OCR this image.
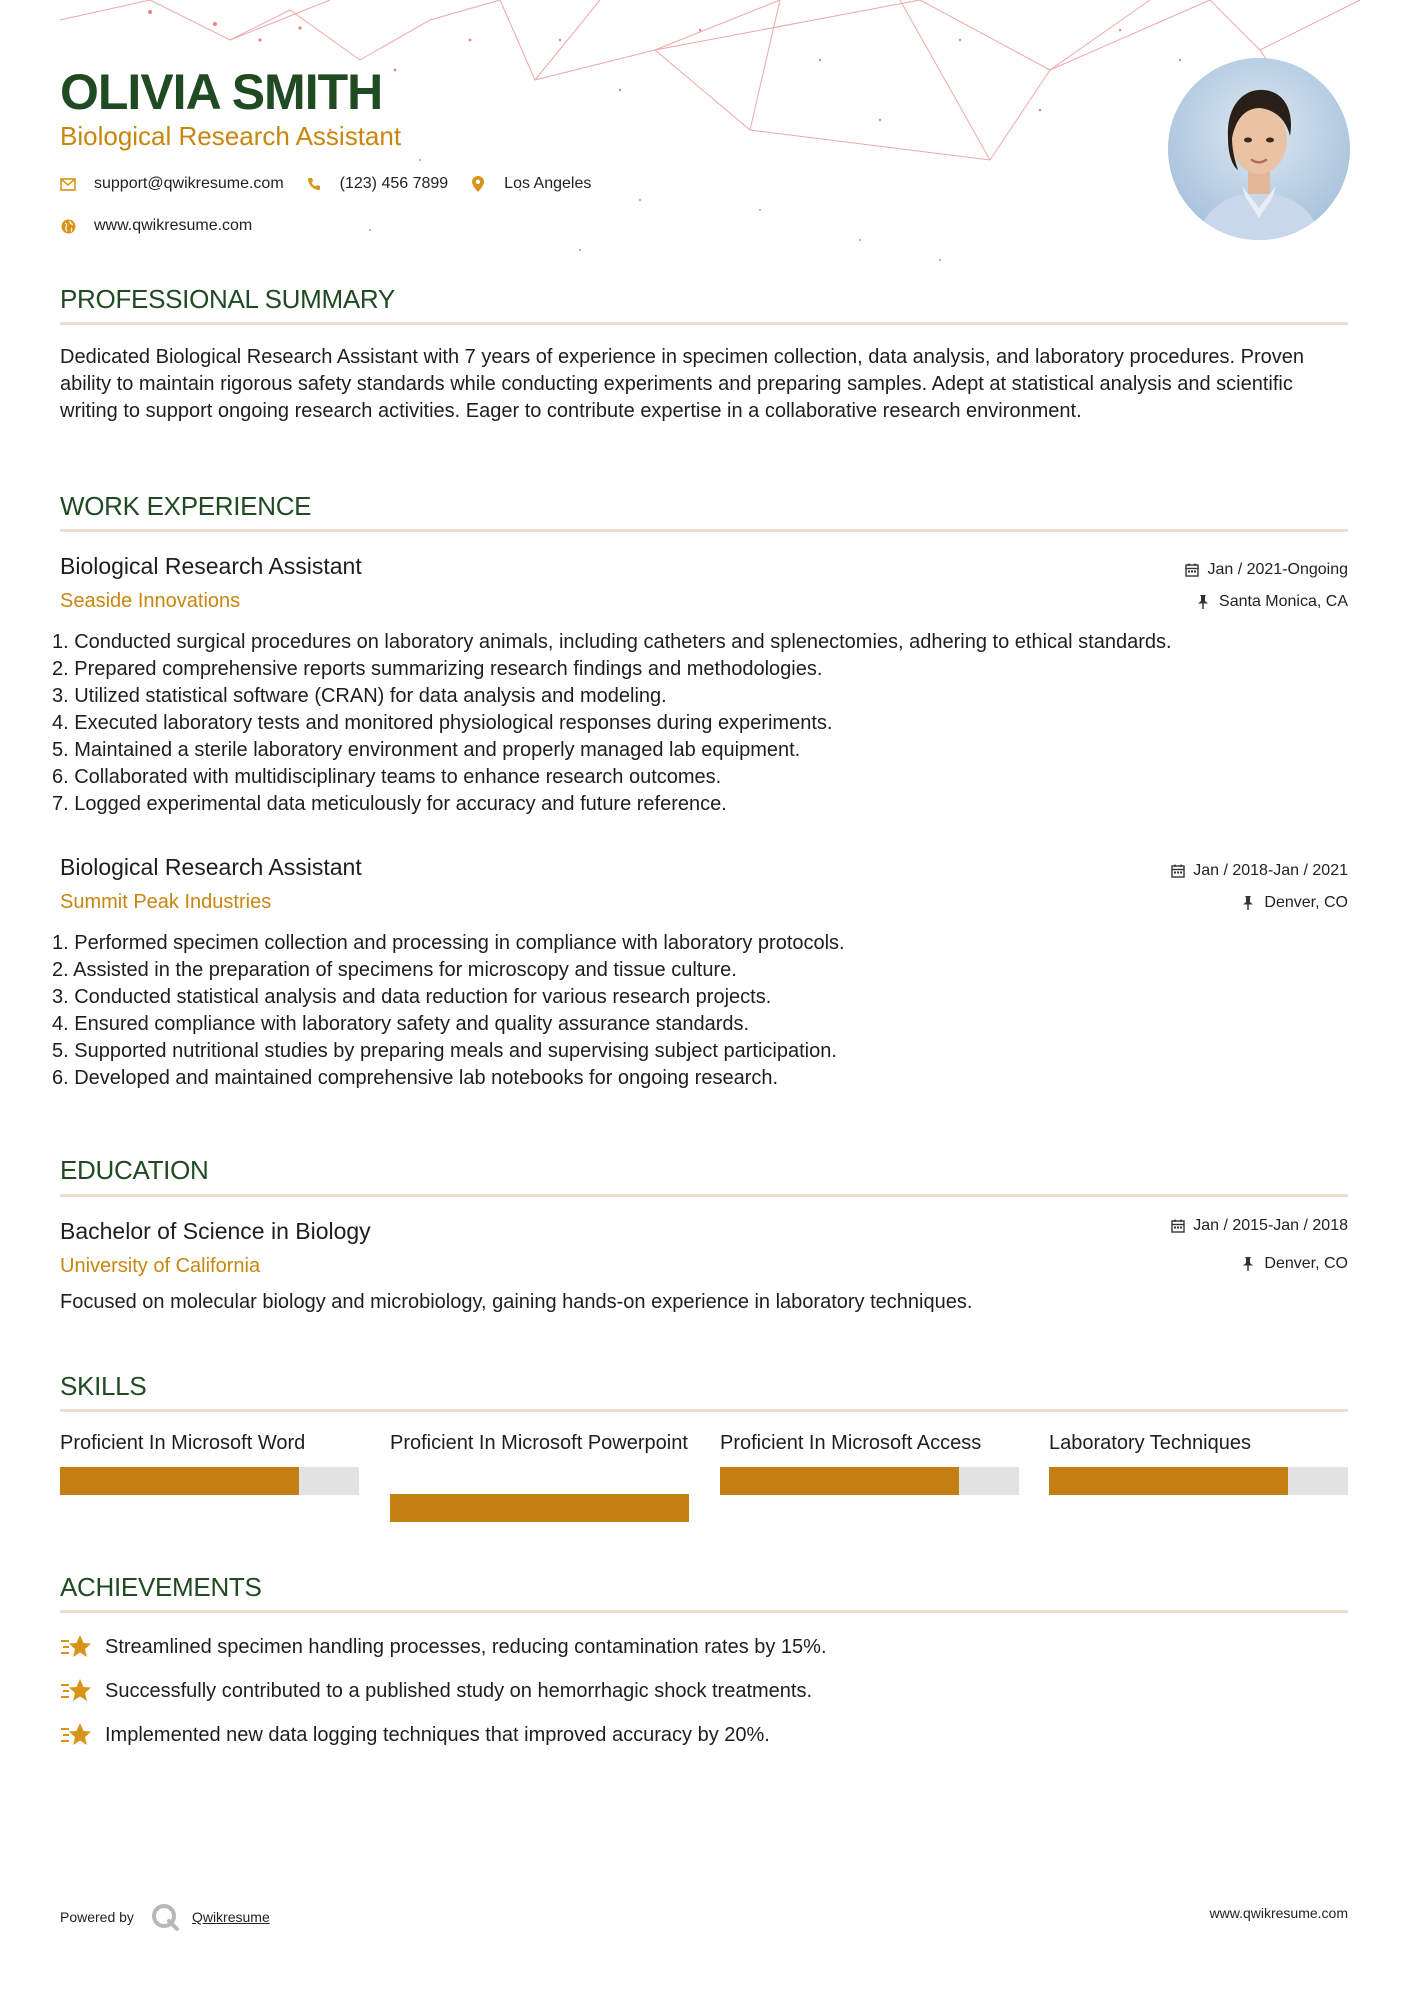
OLIVIA SMITH
Biological Research Assistant
support@qwikresume.com	(123) 456 7899	Los Angeles
www.qwikresume.com
PROFESSIONAL SUMMARY
Dedicated Biological Research Assistant with 7 years of experience in specimen collection, data analysis, and laboratory procedures. Proven ability to maintain rigorous safety standards while conducting experiments and preparing samples. Adept at statistical analysis and scientific writing to support ongoing research activities. Eager to contribute expertise in a collaborative research environment.
WORK EXPERIENCE
Biological Research Assistant
Seaside Innovations
Jan / 2021-Ongoing
Santa Monica, CA
1. Conducted surgical procedures on laboratory animals, including catheters and splenectomies, adhering to ethical standards.
2. Prepared comprehensive reports summarizing research findings and methodologies.
3. Utilized statistical software (CRAN) for data analysis and modeling.
4. Executed laboratory tests and monitored physiological responses during experiments.
5. Maintained a sterile laboratory environment and properly managed lab equipment.
6. Collaborated with multidisciplinary teams to enhance research outcomes.
7. Logged experimental data meticulously for accuracy and future reference.
Biological Research Assistant
Summit Peak Industries
Jan / 2018-Jan / 2021
Denver, CO
1. Performed specimen collection and processing in compliance with laboratory protocols.
2. Assisted in the preparation of specimens for microscopy and tissue culture.
3. Conducted statistical analysis and data reduction for various research projects.
4. Ensured compliance with laboratory safety and quality assurance standards.
5. Supported nutritional studies by preparing meals and supervising subject participation.
6. Developed and maintained comprehensive lab notebooks for ongoing research.
EDUCATION
Bachelor of Science in Biology
University of California
Jan / 2015-Jan / 2018
Denver, CO
Focused on molecular biology and microbiology, gaining hands-on experience in laboratory techniques.
SKILLS
Proficient In Microsoft Word	Proficient In Microsoft Powerpoint Proficient In Microsoft Access	Laboratory Techniques
ACHIEVEMENTS
Streamlined specimen handling processes, reducing contamination rates by 15%.
Successfully contributed to a published study on hemorrhagic shock treatments.
Implemented new data logging techniques that improved accuracy by 20%.
Powered by	Qwikresume	www.qwikresume.com
